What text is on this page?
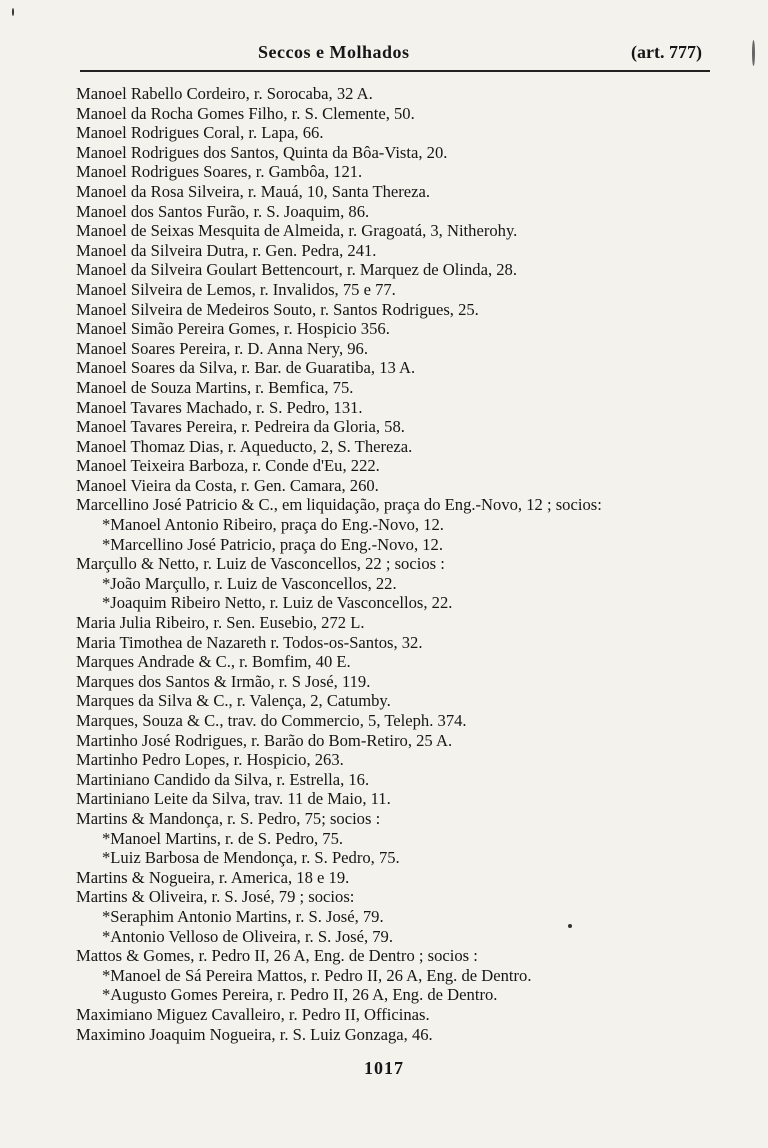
Seccos e Molhados	(art. 777)
Manoel Rabello Cordeiro, r. Sorocaba, 32 A.
Manoel da Rocha Gomes Filho, r. S. Clemente, 50.
Manoel Rodrigues Coral, r. Lapa, 66.
Manoel Rodrigues dos Santos, Quinta da Bôa-Vista, 20.
Manoel Rodrigues Soares, r. Gambôa, 121.
Manoel da Rosa Silveira, r. Mauá, 10, Santa Thereza.
Manoel dos Santos Furão, r. S. Joaquim, 86.
Manoel de Seixas Mesquita de Almeida, r. Gragoatá, 3, Nitherohy.
Manoel da Silveira Dutra, r. Gen. Pedra, 241.
Manoel da Silveira Goulart Bettencourt, r. Marquez de Olinda, 28.
Manoel Silveira de Lemos, r. Invalidos, 75 e 77.
Manoel Silveira de Medeiros Souto, r. Santos Rodrigues, 25.
Manoel Simão Pereira Gomes, r. Hospicio 356.
Manoel Soares Pereira, r. D. Anna Nery, 96.
Manoel Soares da Silva, r. Bar. de Guaratiba, 13 A.
Manoel de Souza Martins, r. Bemfica, 75.
Manoel Tavares Machado, r. S. Pedro, 131.
Manoel Tavares Pereira, r. Pedreira da Gloria, 58.
Manoel Thomaz Dias, r. Aqueducto, 2, S. Thereza.
Manoel Teixeira Barboza, r. Conde d'Eu, 222.
Manoel Vieira da Costa, r. Gen. Camara, 260.
Marcellino José Patricio & C., em liquidação, praça do Eng.-Novo, 12 ; socios:
*Manoel Antonio Ribeiro, praça do Eng.-Novo, 12.
*Marcellino José Patricio, praça do Eng.-Novo, 12.
Marçullo & Netto, r. Luiz de Vasconcellos, 22 ; socios :
*João Marçullo, r. Luiz de Vasconcellos, 22.
*Joaquim Ribeiro Netto, r. Luiz de Vasconcellos, 22.
Maria Julia Ribeiro, r. Sen. Eusebio, 272 L.
Maria Timothea de Nazareth r. Todos-os-Santos, 32.
Marques Andrade & C., r. Bomfim, 40 E.
Marques dos Santos & Irmão, r. S José, 119.
Marques da Silva & C., r. Valença, 2, Catumby.
Marques, Souza & C., trav. do Commercio, 5, Teleph. 374.
Martinho José Rodrigues, r. Barão do Bom-Retiro, 25 A.
Martinho Pedro Lopes, r. Hospicio, 263.
Martiniano Candido da Silva, r. Estrella, 16.
Martiniano Leite da Silva, trav. 11 de Maio, 11.
Martins & Mandonça, r. S. Pedro, 75; socios :
*Manoel Martins, r. de S. Pedro, 75.
*Luiz Barbosa de Mendonça, r. S. Pedro, 75.
Martins & Nogueira, r. America, 18 e 19.
Martins & Oliveira, r. S. José, 79 ; socios:
*Seraphim Antonio Martins, r. S. José, 79.
*Antonio Velloso de Oliveira, r. S. José, 79.
Mattos & Gomes, r. Pedro II, 26 A, Eng. de Dentro ; socios :
*Manoel de Sá Pereira Mattos, r. Pedro II, 26 A, Eng. de Dentro.
*Augusto Gomes Pereira, r. Pedro II, 26 A, Eng. de Dentro.
Maximiano Miguez Cavalleiro, r. Pedro II, Officinas.
Maximino Joaquim Nogueira, r. S. Luiz Gonzaga, 46.
1017
